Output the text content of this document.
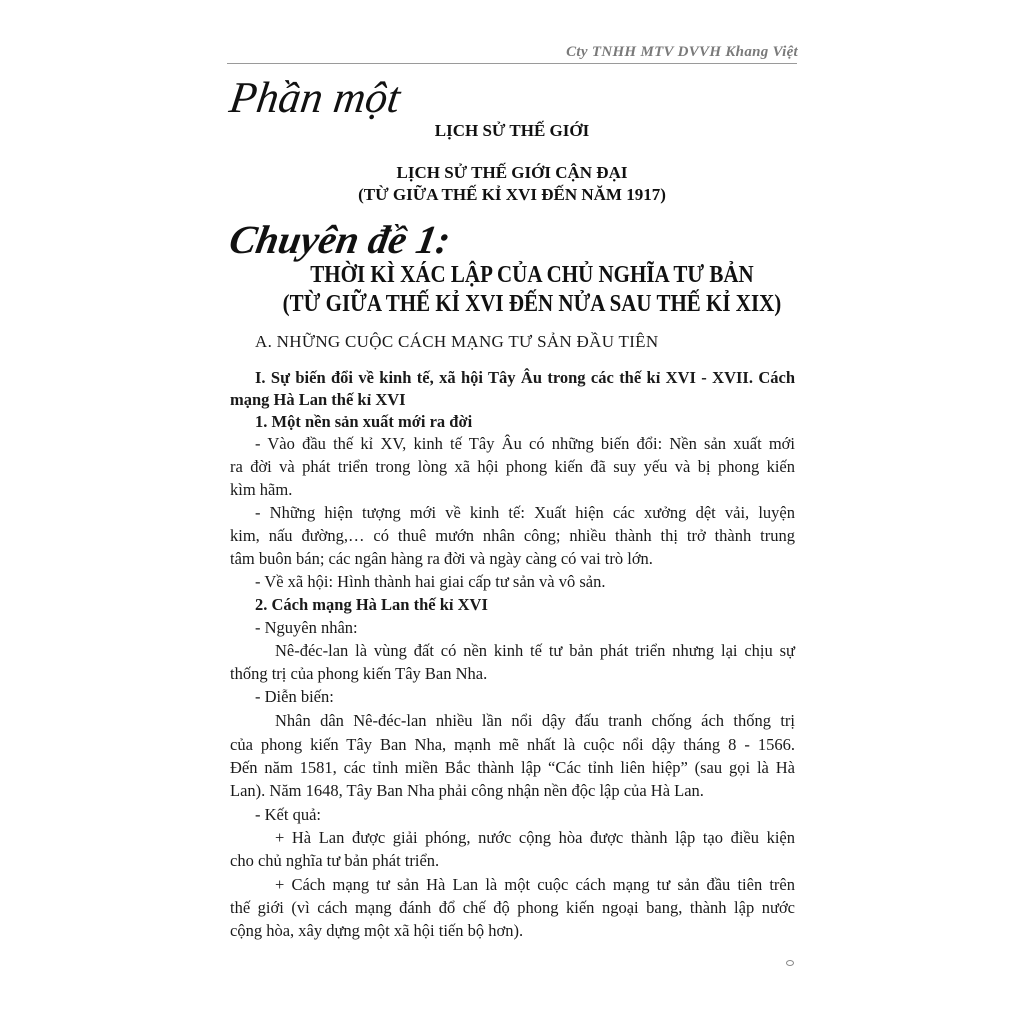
Cty TNHH MTV DVVH Khang Việt
Phần một
LỊCH SỬ THẾ GIỚI
LỊCH SỬ THẾ GIỚI CẬN ĐẠI
(TỪ GIỮA THẾ KỈ XVI ĐẾN NĂM 1917)
Chuyên đề 1:
THỜI KÌ XÁC LẬP CỦA CHỦ NGHĨA TƯ BẢN
(TỪ GIỮA THẾ KỈ XVI ĐẾN NỬA SAU THẾ KỈ XIX)
A. NHỮNG CUỘC CÁCH MẠNG TƯ SẢN ĐẦU TIÊN
I. Sự biến đổi về kinh tế, xã hội Tây Âu trong các thế kỉ XVI - XVII. Cách
mạng Hà Lan thế kỉ XVI
1. Một nền sản xuất mới ra đời
- Vào đầu thế kỉ XV, kinh tế Tây Âu có những biến đổi: Nền sản xuất mới
ra đời và phát triển trong lòng xã hội phong kiến đã suy yếu và bị phong kiến
kìm hãm.
- Những hiện tượng mới về kinh tế: Xuất hiện các xưởng dệt vải, luyện
kim, nấu đường,… có thuê mướn nhân công; nhiều thành thị trở thành trung
tâm buôn bán; các ngân hàng ra đời và ngày càng có vai trò lớn.
- Về xã hội: Hình thành hai giai cấp tư sản và vô sản.
2. Cách mạng Hà Lan thế kỉ XVI
- Nguyên nhân:
Nê-đéc-lan là vùng đất có nền kinh tế tư bản phát triển nhưng lại chịu sự
thống trị của phong kiến Tây Ban Nha.
- Diễn biến:
Nhân dân Nê-đéc-lan nhiều lần nổi dậy đấu tranh chống ách thống trị
của phong kiến Tây Ban Nha, mạnh mẽ nhất là cuộc nổi dậy tháng 8 - 1566.
Đến năm 1581, các tỉnh miền Bắc thành lập “Các tỉnh liên hiệp” (sau gọi là Hà
Lan). Năm 1648, Tây Ban Nha phải công nhận nền độc lập của Hà Lan.
- Kết quả:
+ Hà Lan được giải phóng, nước cộng hòa được thành lập tạo điều kiện
cho chủ nghĩa tư bản phát triển.
+ Cách mạng tư sản Hà Lan là một cuộc cách mạng tư sản đầu tiên trên
thế giới (vì cách mạng đánh đổ chế độ phong kiến ngoại bang, thành lập nước
cộng hòa, xây dựng một xã hội tiến bộ hơn).
